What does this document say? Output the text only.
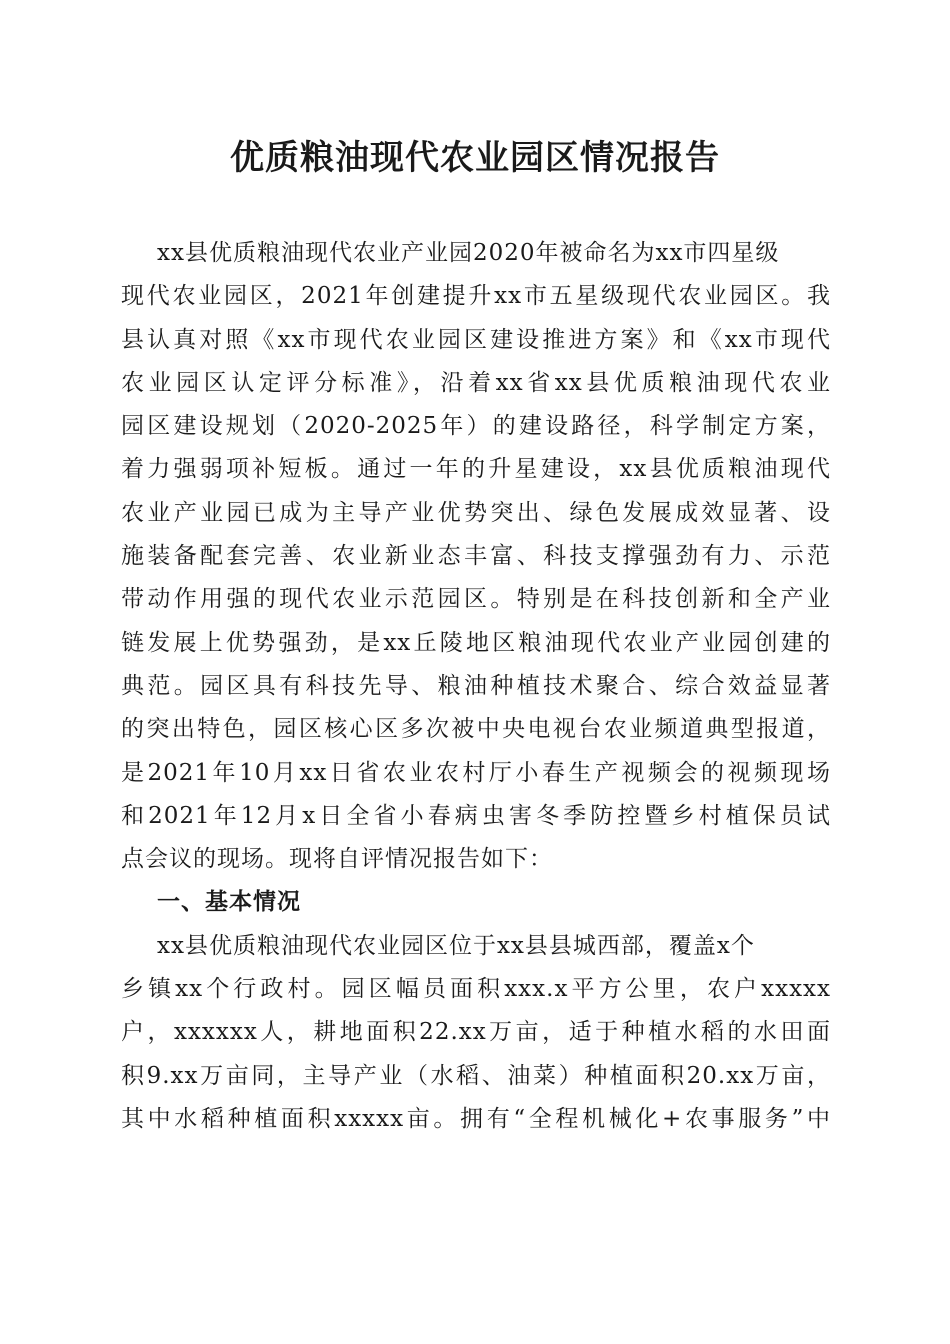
优质粮油现代农业园区情况报告
xx县优质粮油现代农业产业园2020年被命名为xx市四星级
现代农业园区，2021年创建提升xx市五星级现代农业园区。我
县认真对照《xx市现代农业园区建设推进方案》和《xx市现代
农业园区认定评分标准》，沿着xx省xx县优质粮油现代农业
园区建设规划（2020-2025年）的建设路径，科学制定方案，
着力强弱项补短板。通过一年的升星建设，xx县优质粮油现代
农业产业园已成为主导产业优势突出、绿色发展成效显著、设
施装备配套完善、农业新业态丰富、科技支撑强劲有力、示范
带动作用强的现代农业示范园区。特别是在科技创新和全产业
链发展上优势强劲，是xx丘陵地区粮油现代农业产业园创建的
典范。园区具有科技先导、粮油种植技术聚合、综合效益显著
的突出特色，园区核心区多次被中央电视台农业频道典型报道，
是2021年10月xx日省农业农村厅小春生产视频会的视频现场
和2021年12月x日全省小春病虫害冬季防控暨乡村植保员试
点会议的现场。现将自评情况报告如下：
一、基本情况
xx县优质粮油现代农业园区位于xx县县城西部，覆盖x个
乡镇xx个行政村。园区幅员面积xxx.x平方公里，农户xxxxx
户，xxxxxx人，耕地面积22.xx万亩，适于种植水稻的水田面
积9.xx万亩同，主导产业（水稻、油菜）种植面积20.xx万亩，
其中水稻种植面积xxxxx亩。拥有“全程机械化+农事服务”中
